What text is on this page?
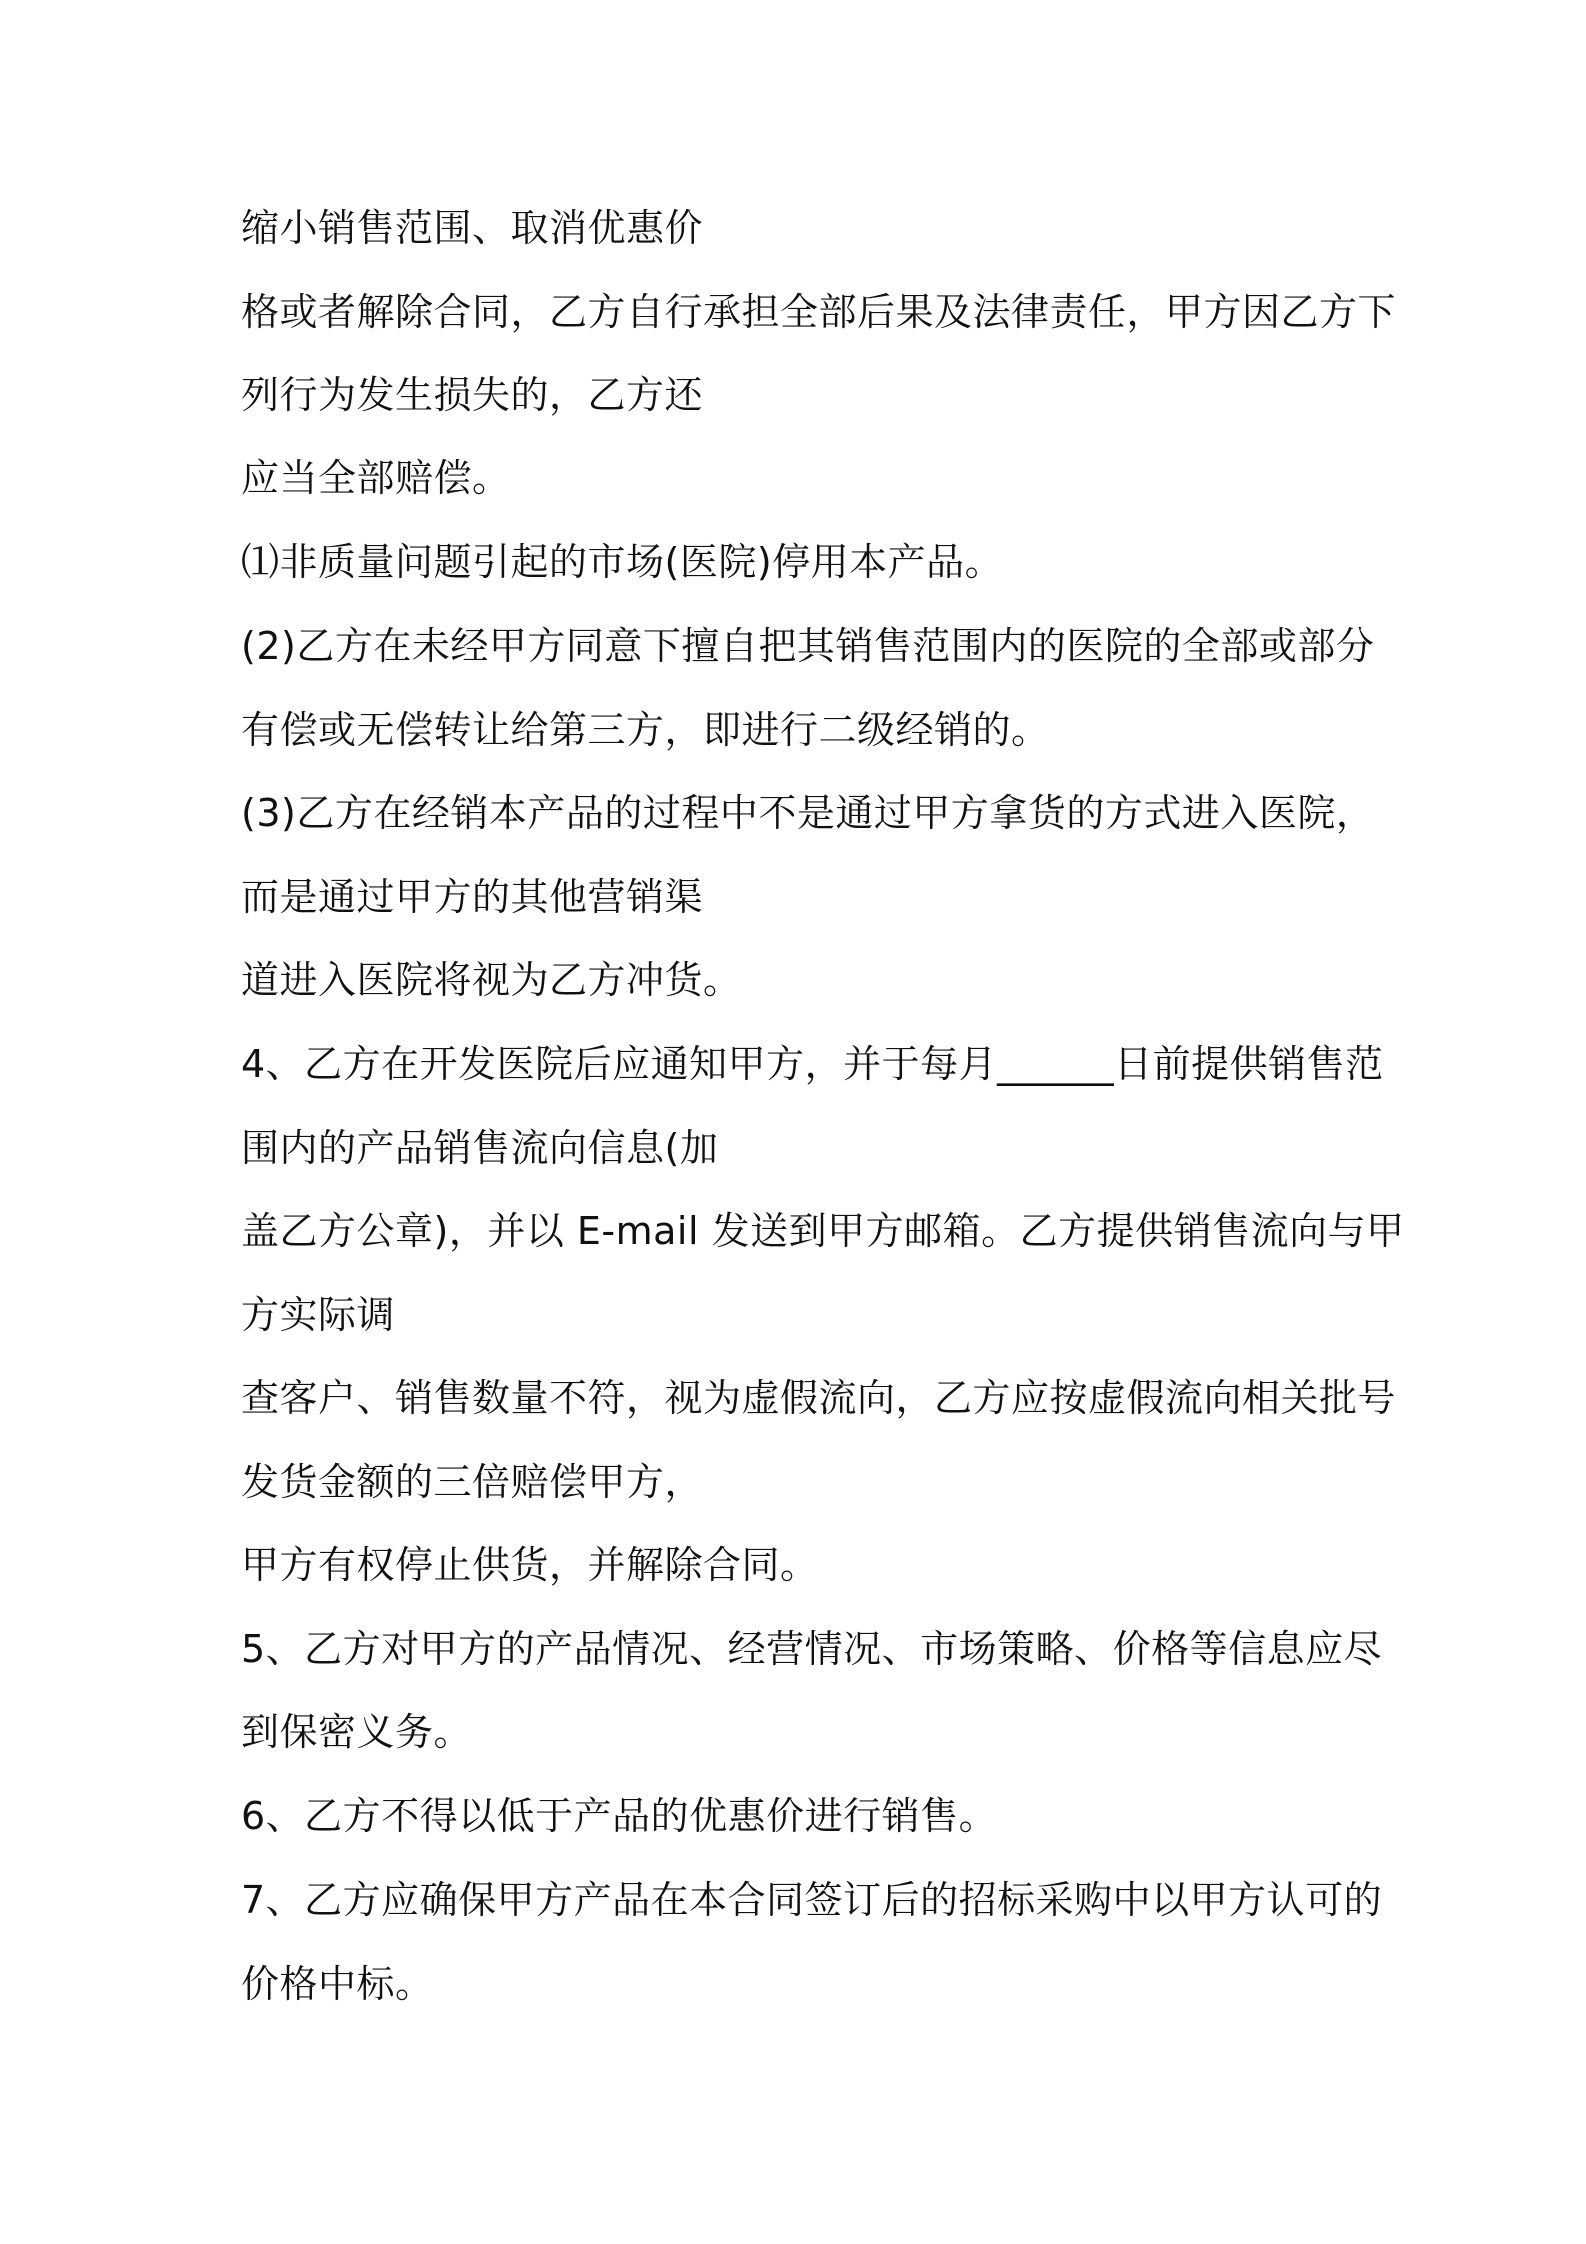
缩小销售范围、取消优惠价
格或者解除合同，乙方自行承担全部后果及法律责任，甲方因乙方下
列行为发生损失的，乙方还
应当全部赔偿。
⑴非质量问题引起的市场(医院)停用本产品。
(2)乙方在未经甲方同意下擅自把其销售范围内的医院的全部或部分
有偿或无偿转让给第三方，即进行二级经销的。
(3)乙方在经销本产品的过程中不是通过甲方拿货的方式进入医院，
而是通过甲方的其他营销渠
道进入医院将视为乙方冲货。
4、乙方在开发医院后应通知甲方，并于每月______日前提供销售范
围内的产品销售流向信息(加
盖乙方公章)，并以 E-mail 发送到甲方邮箱。乙方提供销售流向与甲
方实际调
查客户、销售数量不符，视为虚假流向，乙方应按虚假流向相关批号
发货金额的三倍赔偿甲方，
甲方有权停止供货，并解除合同。
5、乙方对甲方的产品情况、经营情况、市场策略、价格等信息应尽
到保密义务。
6、乙方不得以低于产品的优惠价进行销售。
7、乙方应确保甲方产品在本合同签订后的招标采购中以甲方认可的
价格中标。
